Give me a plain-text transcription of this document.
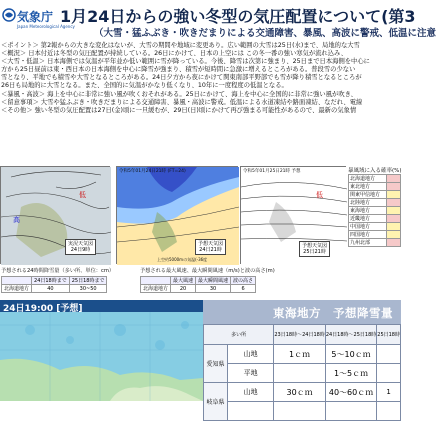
気象庁
Japan Meteorological Agency
1月24日からの強い冬型の気圧配置について(第3
（大雪・猛ふぶき・吹きだまりによる交通障害、暴風、高波に警戒、低温に注意

＜ポイント＞ 第2報からの大きな変化はないが、大雪の期間や地域に変更あり。広い範囲の大雪は25日(水)まで、局地的な大雪

＜概況＞ 日本付近は冬型の気圧配置が持続している。26日にかけて、日本の上空には この冬一番の強い寒気が流れ込み、

＜大雪・低温＞ 日本海側では気温が平年並か低い範囲に雪が降っている。今後、降雪は次第に強まり、25日まで日本海側を中心に

方から25日昼前は東・西日本の日本海側を中心に降雪が強まり、積雪が短時間に急激に増えるところがある。普段雪の少ない

雪となり、平地でも積雪や大雪となるところがある。24日夕方から夜にかけて関東南部平野部でも雪が降り積雪となるところが

26日も局地的に大雪となる。また、全国的に気温がかなり低くなり、10年に一度程度の低温となる。

＜暴風・高波＞ 海上を中心に非常に強い風が吹くおそれがある。25日にかけて、海上を中心に全国的に非常に強い風が吹き、

＜留意事項＞ 大雪や猛ふぶき・吹きだまりによる交通障害、暴風・高波に警戒。低温による水道凍結や路面凍結、なだれ、電線

＜その他＞ 強い冬型の気圧配置は27日(金)頃に一旦緩むが、29日(日)頃にかけて再び強まる可能性があるので、最新の気象情

低
高
実況天気図
24日9時
令和5年01月24日21時 (FT=24)
予想天気図
24日21時
上空約5000mの気温(-36度
低
令和5年01月25日21時 予想
予想天気図
25日21時
暴風域に入る確率(%)
北海道地方	
東北地方	
関東甲信地方	
北陸地方	
東海地方	
近畿地方	
中国地方	
四国地方	
九州北部	
予想される24時間降雪量（多い所、単位：cm）
	24日18時まで	25日18時まで
北海道地方	40	30~50
予想される最大風速、最大瞬間風速（m/s)と波の高さ(m)
	最大風速	最大瞬間風速	波の高さ
北海道地方	20	30	6
24日19:00 [予想]	東海地方　予想降雪量
多い所		23日18時～24日18時	24日18時～25日18時	25日18時
愛知県	山地	1ｃｍ	5～10ｃｍ	
	平地		1～5ｃｍ	
岐阜県	山地	30ｃｍ	40～60ｃｍ	1
